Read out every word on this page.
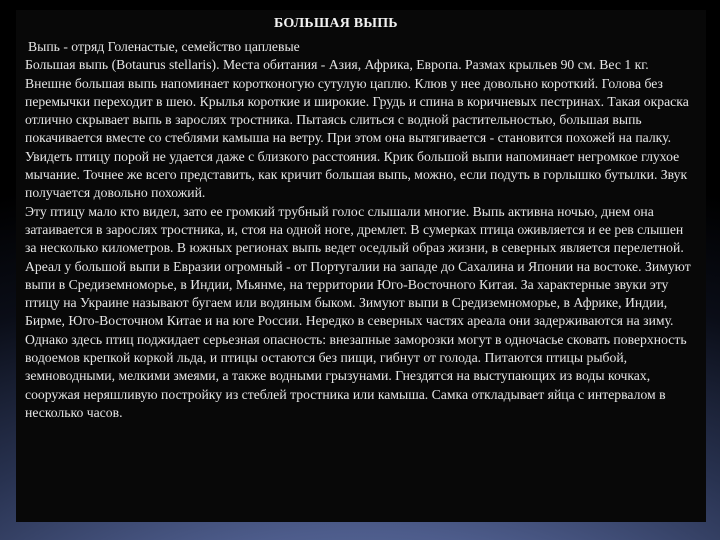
БОЛЬШАЯ ВЫПЬ

Выпь - отряд Голенастые, семейство цаплевые

Большая выпь (Botaurus stellaris). Места обитания - Азия, Африка, Европа. Размах крыльев 90 см. Вес 1 кг.

Внешне большая выпь напоминает коротконогую сутулую цаплю. Клюв у нее довольно короткий. Голова без перемычки переходит в шею. Крылья короткие и широкие. Грудь и спина в коричневых пестринах. Такая окраска отлично скрывает выпь в зарослях тростника. Пытаясь слиться с водной растительностью, большая выпь покачивается вместе со стеблями камыша на ветру. При этом она вытягивается - становится похожей на палку. Увидеть птицу порой не удается даже с близкого расстояния. Крик большой выпи напоминает негромкое глухое мычание. Точнее же всего представить, как кричит большая выпь, можно, если подуть в горлышко бутылки. Звук получается довольно похожий.

Эту птицу мало кто видел, зато ее громкий трубный голос слышали многие. Выпь активна ночью, днем она затаивается в зарослях тростника, и, стоя на одной ноге, дремлет. В сумерках птица оживляется и ее рев слышен за несколько километров. В южных регионах выпь ведет оседлый образ жизни, в северных является перелетной.

Ареал у большой выпи в Евразии огромный - от Португалии на западе до Сахалина и Японии на востоке. Зимуют выпи в Средиземноморье, в Индии, Мьянме, на территории Юго-Восточного Китая. За характерные звуки эту птицу на Украине называют бугаем или водяным быком. Зимуют выпи в Средиземноморье, в Африке, Индии, Бирме, Юго-Восточном Китае и на юге России. Нередко в северных частях ареала они задерживаются на зиму. Однако здесь птиц поджидает серьезная опасность: внезапные заморозки могут в одночасье сковать поверхность водоемов крепкой коркой льда, и птицы остаются без пищи, гибнут от голода. Питаются птицы рыбой, земноводными, мелкими змеями, а также водными грызунами. Гнездятся на выступающих из воды кочках, сооружая неряшливую постройку из стеблей тростника или камыша. Самка откладывает яйца с интервалом в несколько часов.
